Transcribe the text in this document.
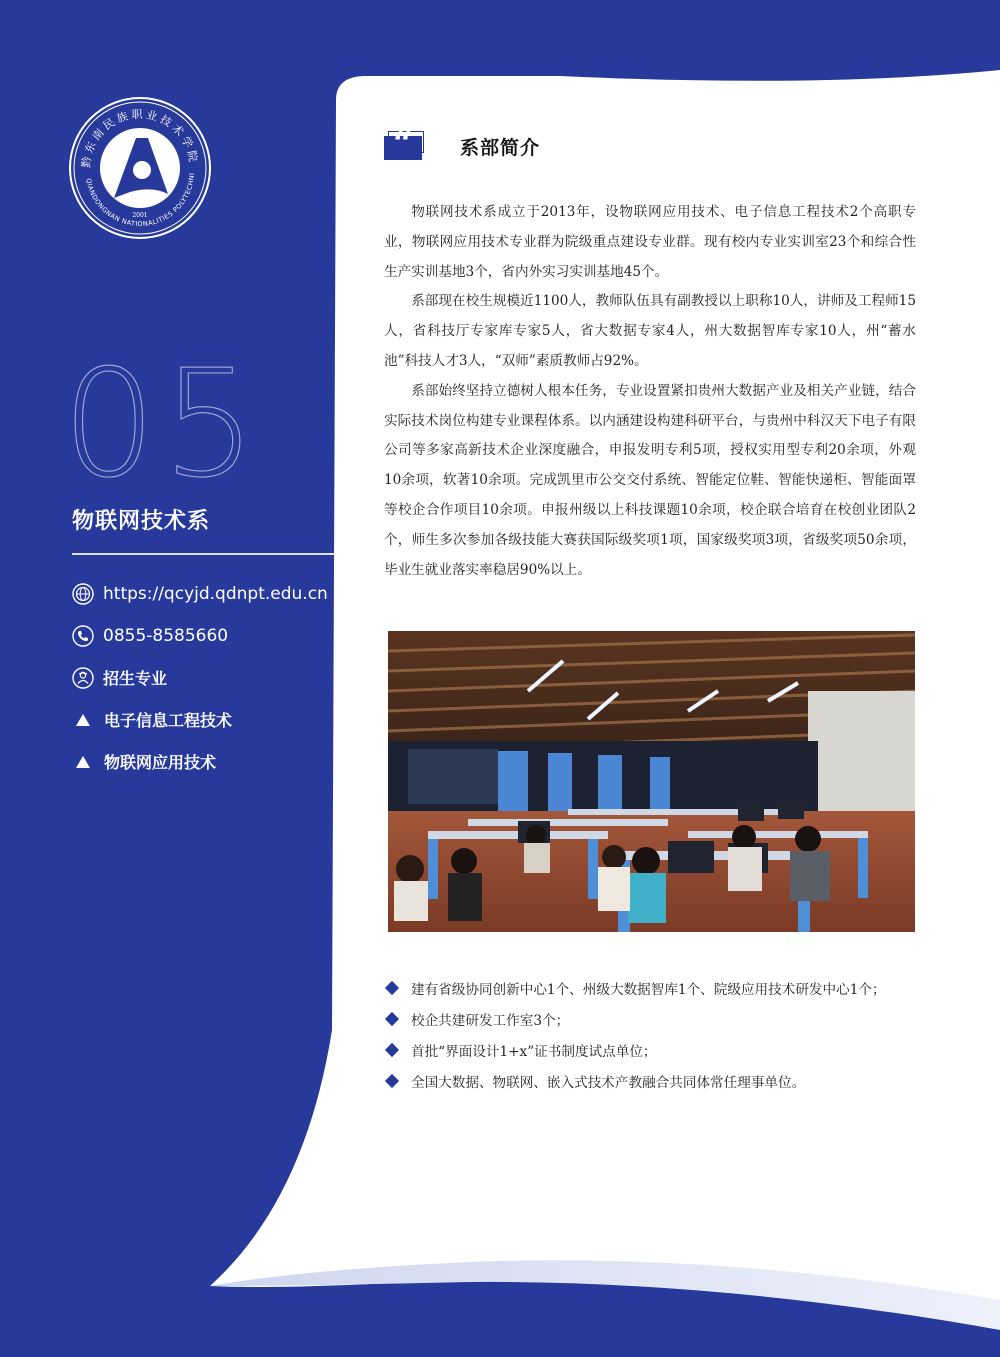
黔东南民族职业技术学院
QIANDONGNAN NATIONALITIES POLYTECHNI
2001
05
物联网技术系
https://qcyjd.qdnpt.edu.cn
0855-8585660
招生专业
电子信息工程技术
物联网应用技术
“ 系部简介

物联网技术系成立于2013年，设物联网应用技术、电子信息工程技术2个高职专业，物联网应用技术专业群为院级重点建设专业群。现有校内专业实训室23个和综合性生产实训基地3个，省内外实习实训基地45个。

系部现在校生规模近1100人，教师队伍具有副教授以上职称10人，讲师及工程师15人，省科技厅专家库专家5人，省大数据专家4人，州大数据智库专家10人，州“蓄水池”科技人才3人，“双师”素质教师占92%。

系部始终坚持立德树人根本任务，专业设置紧扣贵州大数据产业及相关产业链，结合实际技术岗位构建专业课程体系。以内涵建设构建科研平台，与贵州中科汉天下电子有限公司等多家高新技术企业深度融合，申报发明专利5项，授权实用型专利20余项，外观10余项，软著10余项。完成凯里市公交交付系统、智能定位鞋、智能快递柜、智能面罩等校企合作项目10余项。申报州级以上科技课题10余项，校企联合培育在校创业团队2个，师生多次参加各级技能大赛获国际级奖项1项，国家级奖项3项，省级奖项50余项，毕业生就业落实率稳居90%以上。

建有省级协同创新中心1个、州级大数据智库1个、院级应用技术研发中心1个；
校企共建研发工作室3个；
首批“界面设计1+x”证书制度试点单位；
全国大数据、物联网、嵌入式技术产教融合共同体常任理事单位。
23
